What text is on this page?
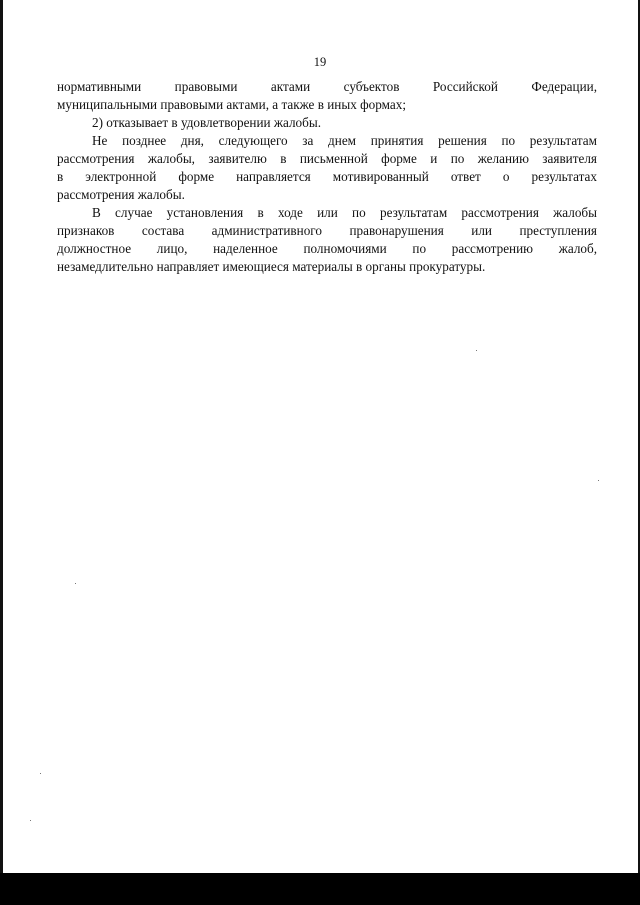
19

нормативными правовыми актами субъектов Российской Федерации,
муниципальными правовыми актами, а также в иных формах;

2) отказывает в удовлетворении жалобы.

Не позднее дня, следующего за днем принятия решения по результатам
рассмотрения жалобы, заявителю в письменной форме и по желанию заявителя
в электронной форме направляется мотивированный ответ о результатах
рассмотрения жалобы.

В случае установления в ходе или по результатам рассмотрения жалобы
признаков состава административного правонарушения или преступления
должностное лицо, наделенное полномочиями по рассмотрению жалоб,
незамедлительно направляет имеющиеся материалы в органы прокуратуры.
